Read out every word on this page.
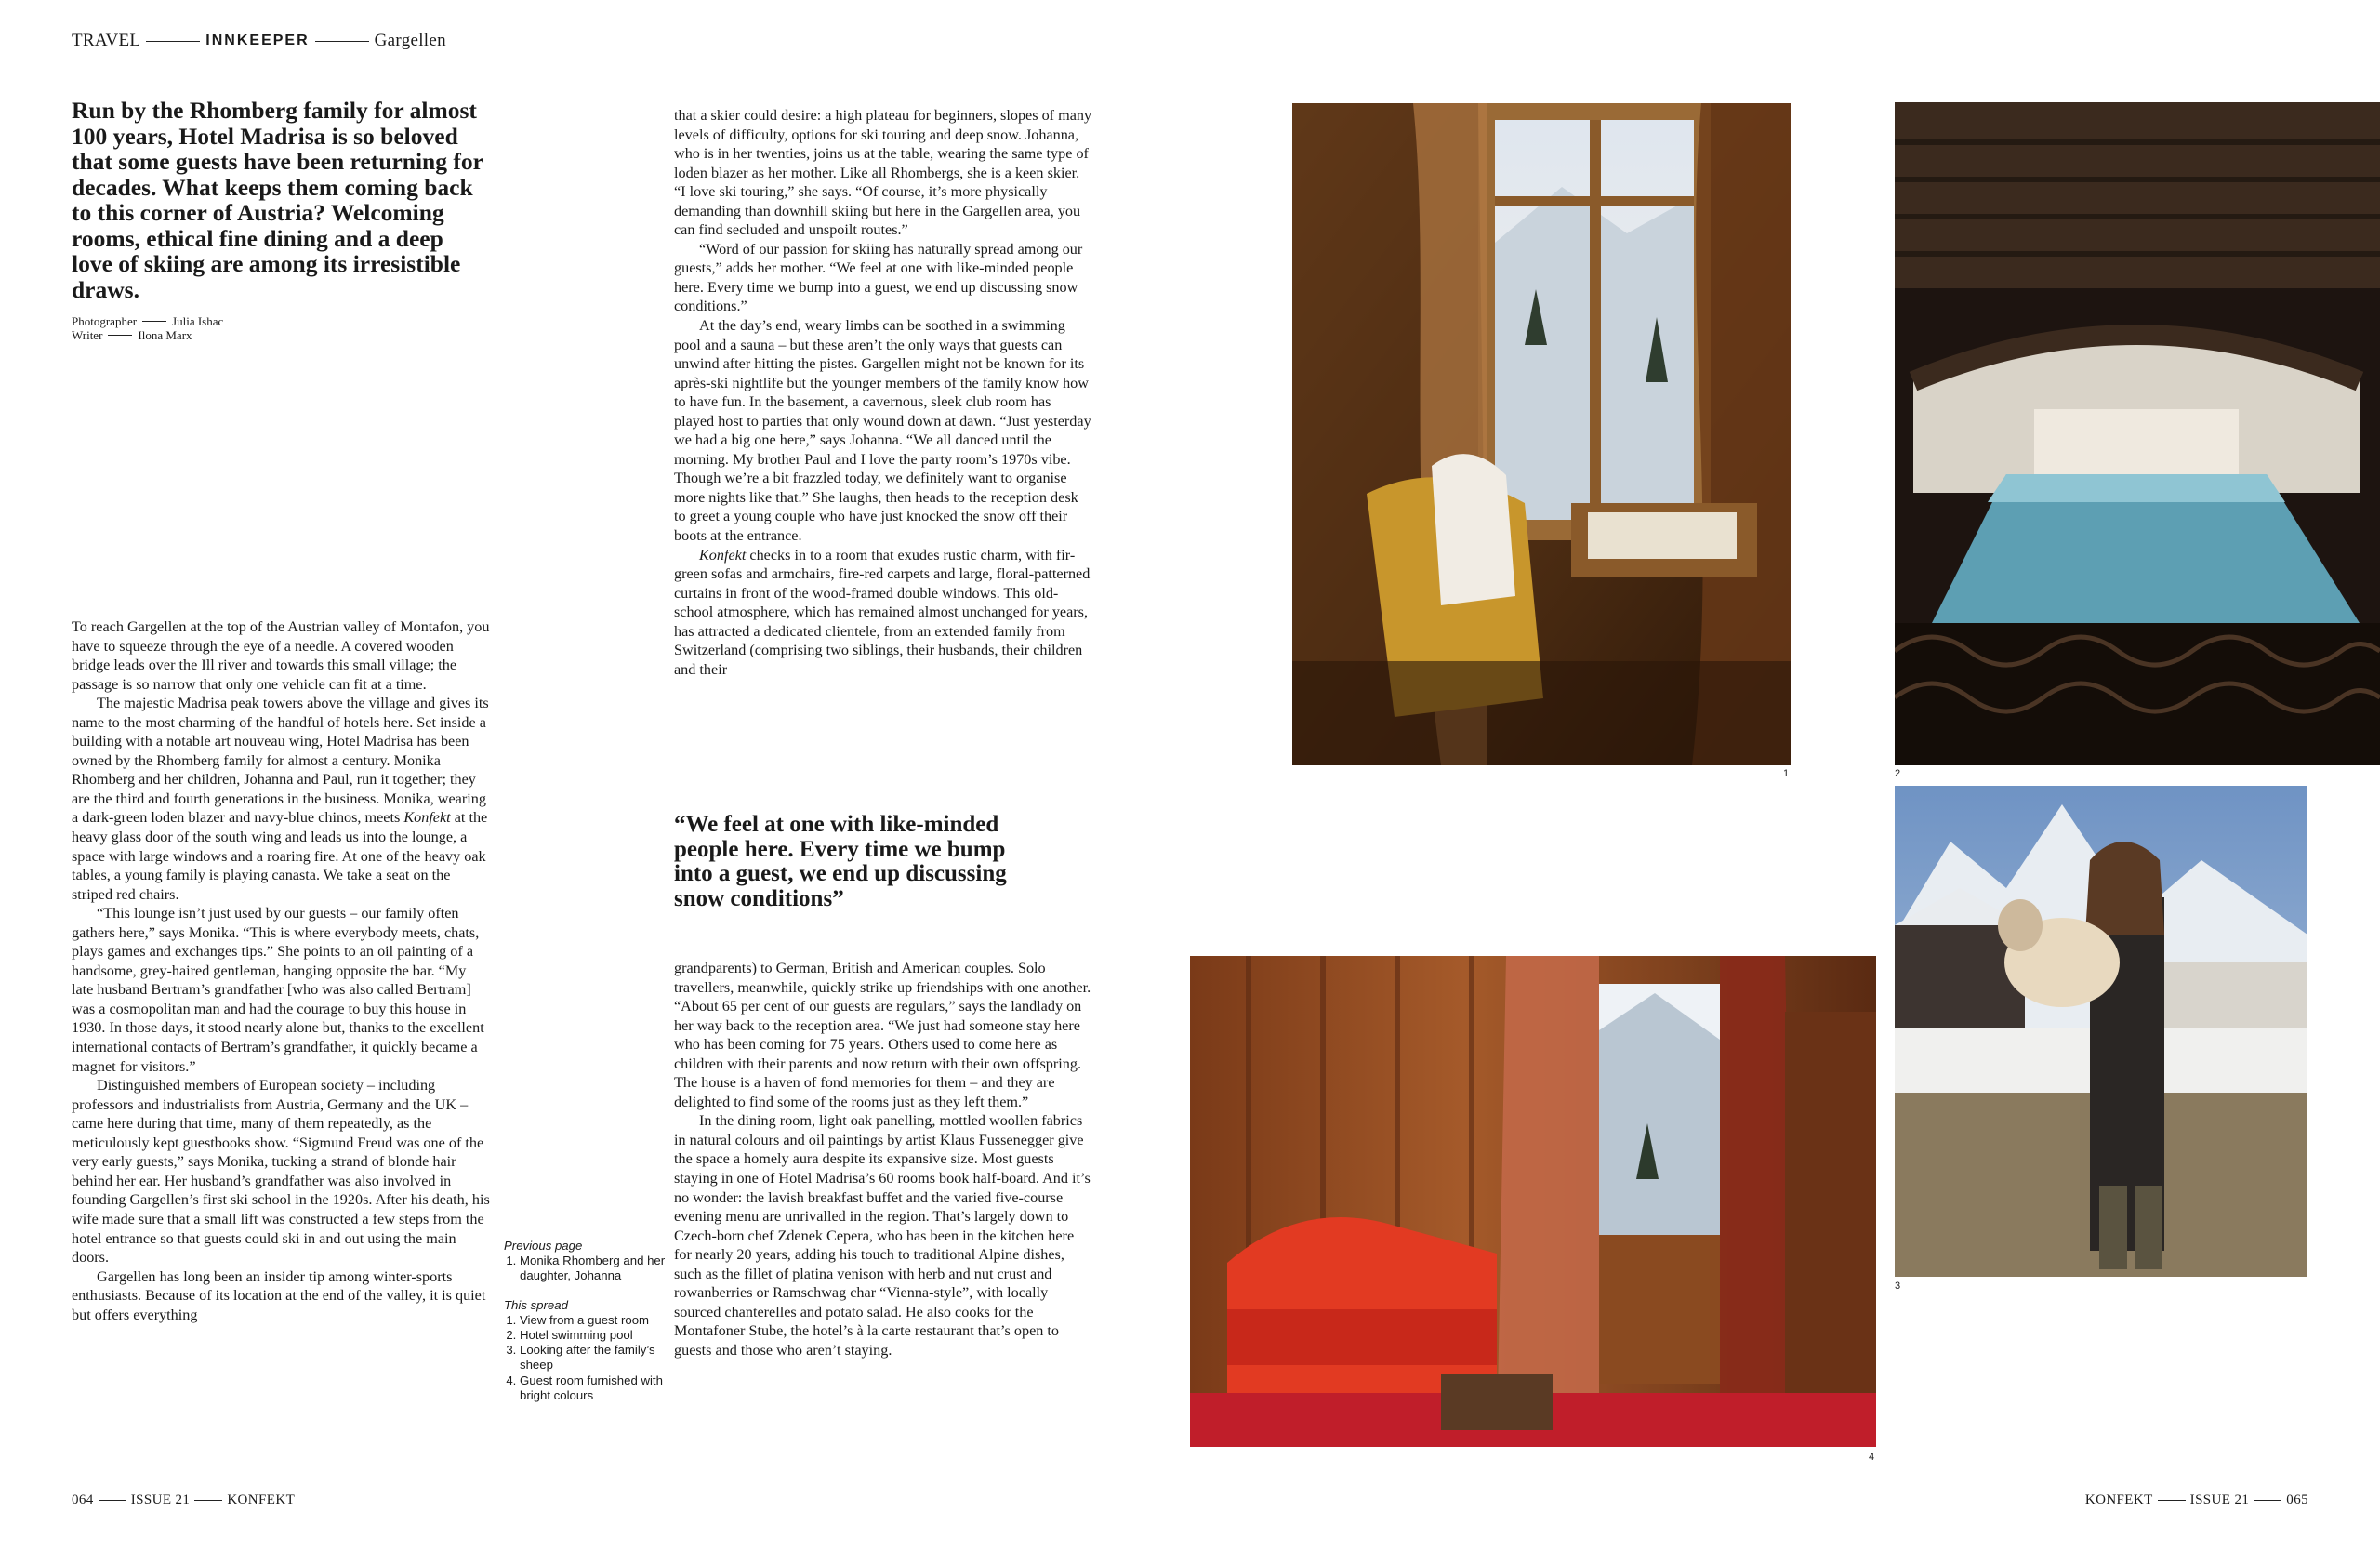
TRAVEL	INNKEEPER	Gargellen

Run by the Rhomberg family for almost 100 years, Hotel Madrisa is so beloved that some guests have been returning for decades. What keeps them coming back to this corner of Austria? Welcoming rooms, ethical fine dining and a deep love of skiing are among its irresistible draws.

Photographer	Julia Ishac
Writer	Ilona Marx

To reach Gargellen at the top of the Austrian valley of Montafon, you have to squeeze through the eye of a needle. A covered wooden bridge leads over the Ill river and towards this small village; the passage is so narrow that only one vehicle can fit at a time.

The majestic Madrisa peak towers above the village and gives its name to the most charming of the handful of hotels here. Set inside a building with a notable art nouveau wing, Hotel Madrisa has been owned by the Rhomberg family for almost a century. Monika Rhomberg and her children, Johanna and Paul, run it together; they are the third and fourth generations in the business. Monika, wearing a dark-green loden blazer and navy-blue chinos, meets Konfekt at the heavy glass door of the south wing and leads us into the lounge, a space with large windows and a roaring fire. At one of the heavy oak tables, a young family is playing canasta. We take a seat on the striped red chairs.

“This lounge isn’t just used by our guests – our family often gathers here,” says Monika. “This is where everybody meets, chats, plays games and exchanges tips.” She points to an oil painting of a handsome, grey-haired gentleman, hanging opposite the bar. “My late husband Bertram’s grandfather [who was also called Bertram] was a cosmopolitan man and had the courage to buy this house in 1930. In those days, it stood nearly alone but, thanks to the excellent international contacts of Bertram’s grandfather, it quickly became a magnet for visitors.”

Distinguished members of European society – including professors and industrialists from Austria, Germany and the UK – came here during that time, many of them repeatedly, as the meticulously kept guestbooks show. “Sigmund Freud was one of the very early guests,” says Monika, tucking a strand of blonde hair behind her ear. Her husband’s grandfather was also involved in founding Gargellen’s first ski school in the 1920s. After his death, his wife made sure that a small lift was constructed a few steps from the hotel entrance so that guests could ski in and out using the main doors.

Gargellen has long been an insider tip among winter-sports enthusiasts. Because of its location at the end of the valley, it is quiet but offers everything

that a skier could desire: a high plateau for beginners, slopes of many levels of difficulty, options for ski touring and deep snow. Johanna, who is in her twenties, joins us at the table, wearing the same type of loden blazer as her mother. Like all Rhombergs, she is a keen skier. “I love ski touring,” she says. “Of course, it’s more physically demanding than downhill skiing but here in the Gargellen area, you can find secluded and unspoilt routes.”

“Word of our passion for skiing has naturally spread among our guests,” adds her mother. “We feel at one with like-minded people here. Every time we bump into a guest, we end up discussing snow conditions.”

At the day’s end, weary limbs can be soothed in a swimming pool and a sauna – but these aren’t the only ways that guests can unwind after hitting the pistes. Gargellen might not be known for its après-ski nightlife but the younger members of the family know how to have fun. In the basement, a cavernous, sleek club room has played host to parties that only wound down at dawn. “Just yesterday we had a big one here,” says Johanna. “We all danced until the morning. My brother Paul and I love the party room’s 1970s vibe. Though we’re a bit frazzled today, we definitely want to organise more nights like that.” She laughs, then heads to the reception desk to greet a young couple who have just knocked the snow off their boots at the entrance.

Konfekt checks in to a room that exudes rustic charm, with fir-green sofas and armchairs, fire-red carpets and large, floral-patterned curtains in front of the wood-framed double windows. This old-school atmosphere, which has remained almost unchanged for years, has attracted a dedicated clientele, from an extended family from Switzerland (comprising two siblings, their husbands, their children and their

“We feel at one with like-minded people here. Every time we bump into a guest, we end up discussing snow conditions”

grandparents) to German, British and American couples. Solo travellers, meanwhile, quickly strike up friendships with one another. “About 65 per cent of our guests are regulars,” says the landlady on her way back to the reception area. “We just had someone stay here who has been coming for 75 years. Others used to come here as children with their parents and now return with their own offspring. The house is a haven of fond memories for them – and they are delighted to find some of the rooms just as they left them.”

In the dining room, light oak panelling, mottled woollen fabrics in natural colours and oil paintings by artist Klaus Fussenegger give the space a homely aura despite its expansive size. Most guests staying in one of Hotel Madrisa’s 60 rooms book half-board. And it’s no wonder: the lavish breakfast buffet and the varied five-course evening menu are unrivalled in the region. That’s largely down to Czech-born chef Zdenek Cepera, who has been in the kitchen here for nearly 20 years, adding his touch to traditional Alpine dishes, such as the fillet of platina venison with herb and nut crust and rowanberries or Ramschwag char “Vienna-style”, with locally sourced chanterelles and potato salad. He also cooks for the Montafoner Stube, the hotel’s à la carte restaurant that’s open to guests and those who aren’t staying.

Previous page
1. Monika Rhomberg and her daughter, Johanna
This spread
1. View from a guest room
2. Hotel swimming pool
3. Looking after the family’s sheep
4. Guest room furnished with bright colours
1	2
3
4
064	ISSUE 21	KONFEKT	KONFEKT	ISSUE 21	065
